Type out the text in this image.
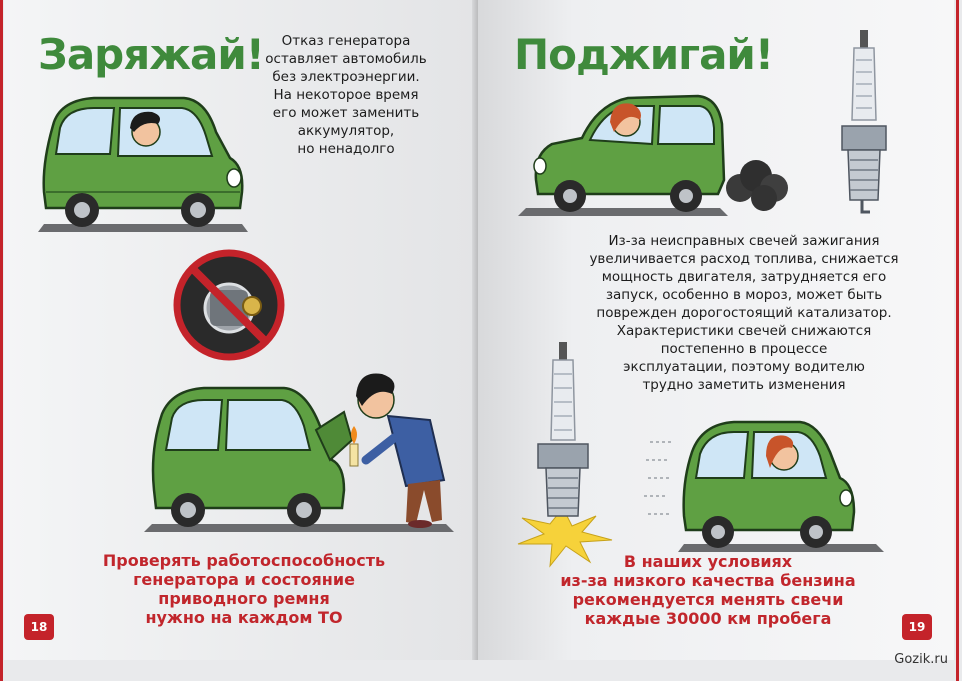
Заряжай!	Отказ генератора
оставляет автомобиль
без электроэнергии.
На некоторое время
его может заменить
аккумулятор,
но ненадолго
Проверять работоспособность
генератора и состояние
приводного ремня
нужно на каждом ТО
18
Поджигай!
Из-за неисправных свечей зажигания
увеличивается расход топлива, снижается
мощность двигателя, затрудняется его
запуск, особенно в мороз, может быть
поврежден дорогостоящий катализатор.
Характеристики свечей снижаются
постепенно в процессе
эксплуатации, поэтому водителю
трудно заметить изменения
В наших условиях
из-за низкого качества бензина
рекомендуется менять свечи
каждые 30000 км пробега	19
Gozik.ru
